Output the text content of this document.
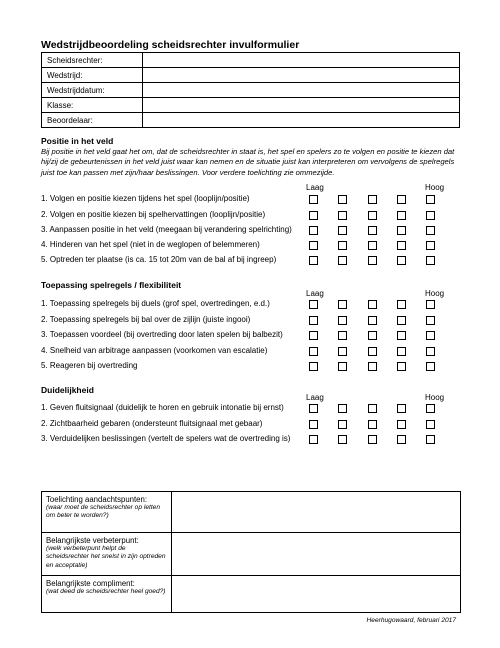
Wedstrijdbeoordeling scheidsrechter invulformulier
Scheidsrechter:	
Wedstrijd:	
Wedstrijddatum:	
Klasse:	
Beoordelaar:	
Positie in het veld
Bij positie in het veld gaat het om, dat de scheidsrechter in staat is, het spel en spelers zo te volgen en positie te kiezen dat hij/zij de gebeurtenissen in het veld juist waar kan nemen en de situatie juist kan interpreteren om vervolgens de spelregels juist toe kan passen met zijn/haar beslissingen. Voor verdere toelichting zie ommezijde.
Laag	Hoog
1. Volgen en positie kiezen tijdens het spel (looplijn/positie)
2. Volgen en positie kiezen bij spelhervattingen (looplijn/positie)
3. Aanpassen positie in het veld (meegaan bij verandering spelrichting)
4. Hinderen van het spel (niet in de weglopen of belemmeren)
5. Optreden ter plaatse (is ca. 15 tot 20m van de bal af bij ingreep)
Laag	Hoog
1. Toepassing spelregels bij duels (grof spel, overtredingen, e.d.)
2. Toepassing spelregels bij bal over de zijlijn (juiste ingooi)
3. Toepassen voordeel (bij overtreding door laten spelen bij balbezit)
4. Snelheid van arbitrage aanpassen (voorkomen van escalatie)
5. Reageren bij overtreding
Laag	Hoog
1. Geven fluitsignaal (duidelijk te horen en gebruik intonatie bij ernst)
2. Zichtbaarheid gebaren (ondersteunt fluitsignaal met gebaar)
3. Verduidelijken beslissingen (vertelt de spelers wat de overtreding is)
Toepassing spelregels / flexibiliteit
Duidelijkheid
Toelichting aandachtspunten:
(waar moet de scheidsrechter op letten om beter te worden?)	

Belangrijkste verbeterpunt:
(welk verbeterpunt helpt de scheidsrechter het snelst in zijn optreden en acceptatie)	

Belangrijkste compliment:
(wat deed de scheidsrechter heel goed?)	

Heerhugowaard, februari 2017
